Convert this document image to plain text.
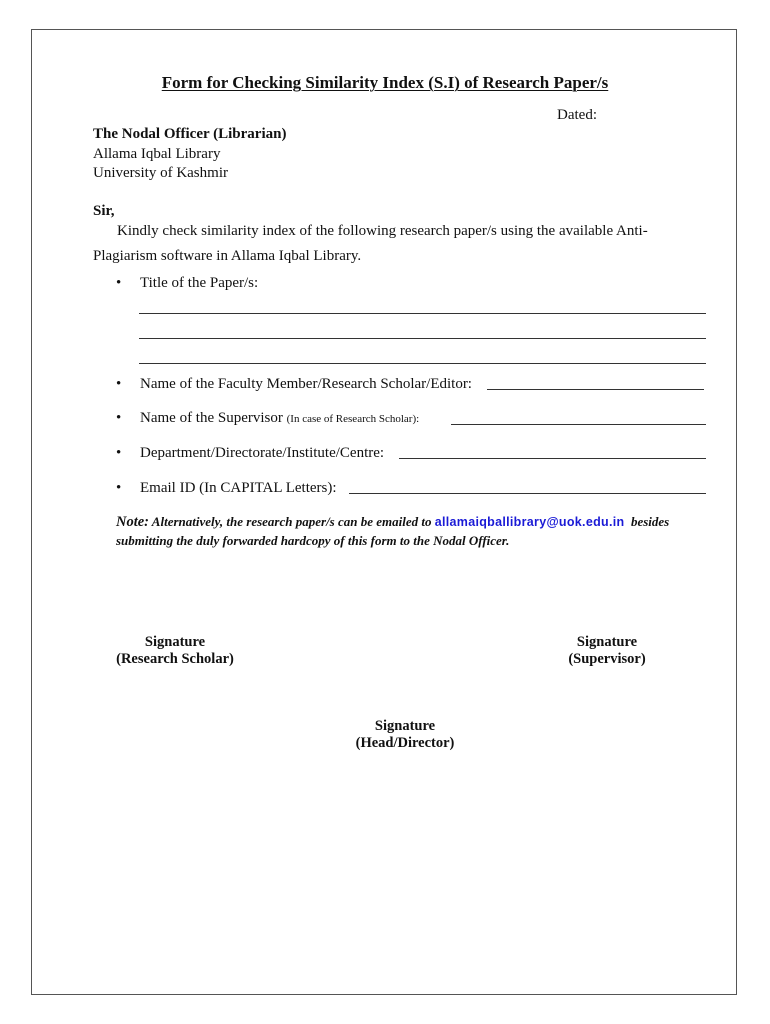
Form for Checking Similarity Index (S.I) of Research Paper/s
Dated:
The Nodal Officer (Librarian)
Allama Iqbal Library
University of Kashmir
Sir,
Kindly check similarity index of the following research paper/s using the available Anti-
Plagiarism software in Allama Iqbal Library.
• Title of the Paper/s:
• Name of the Faculty Member/Research Scholar/Editor:
• Name of the Supervisor (In case of Research Scholar):
• Department/Directorate/Institute/Centre:
• Email ID (In CAPITAL Letters):
Note: Alternatively, the research paper/s can be emailed to allamaiqballibrary@uok.edu.in besides
submitting the duly forwarded hardcopy of this form to the Nodal Officer.
Signature
(Research Scholar)
Signature
(Supervisor)
Signature
(Head/Director)
